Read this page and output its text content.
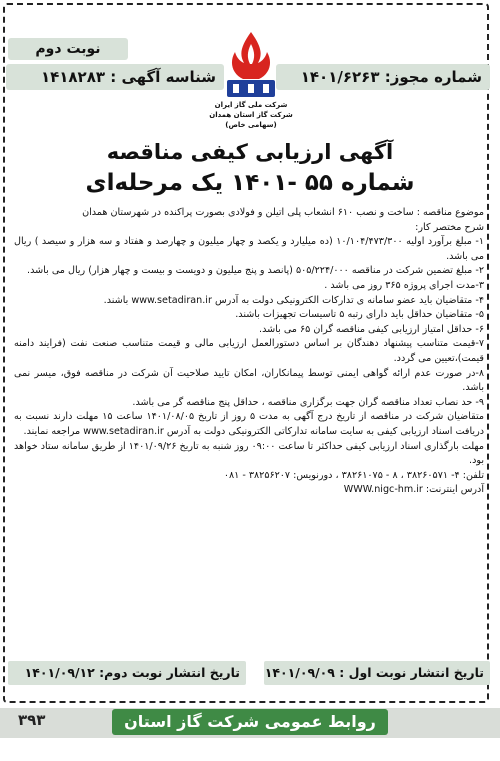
نوبت دوم
شناسه آگهی : ۱۴۱۸۲۸۳	شماره مجوز: ۱۴۰۱/۶۲۶۳
شرکت ملی گاز ایران
شرکت گاز استان همدان (سهامی خاص)
آگهی ارزیابی کیفی مناقصه
شماره ۵۵ -۱۴۰۱ یک مرحله‌ای

موضوع مناقصه : ساخت و نصب ۶۱۰ انشعاب پلی اتیلن و فولادی بصورت پراکنده در شهرستان همدان

شرح مختصر کار:

۱- مبلغ برآورد اولیه ۱۰/۱۰۴/۴۷۳/۳۰۰ (ده میلیارد و یکصد و چهار میلیون و چهارصد و هفتاد و سه هزار و سیصد ) ریال می باشد.

۲- مبلغ تضمین شرکت در مناقصه ۵۰۵/۲۲۴/۰۰۰ (پانصد و پنج میلیون و دویست و بیست و چهار هزار) ریال می باشد.

۳-مدت اجرای پروژه ۳۶۵ روز می باشد .

۴- متقاضیان باید عضو سامانه ی تدارکات الکترونیکی دولت به آدرس www.setadiran.ir باشند.

۵- متقاضیان حداقل باید دارای رتبه ۵ تاسیسات تجهیزات باشند.

۶- حداقل امتیاز ارزیابی کیفی مناقصه گران ۶۵ می باشد.

۷-قیمت متناسب پیشنهاد دهندگان بر اساس دستورالعمل ارزیابی مالی و قیمت متناسب صنعت نفت (فرایند دامنه قیمت)،تعیین می گردد.

۸-در صورت عدم ارائه گواهی ایمنی توسط پیمانکاران، امکان تایید صلاحیت آن شرکت در مناقصه فوق، میسر نمی باشد.

۹- حد نصاب تعداد مناقصه گران جهت برگزاری مناقصه ، حداقل پنج مناقصه گر می باشد.

متقاضیان شرکت در مناقصه از تاریخ درج آگهی به مدت ۵ روز از تاریخ ۱۴۰۱/۰۸/۰۵ ساعت ۱۵ مهلت دارند نسبت به دریافت اسناد ارزیابی کیفی به سایت سامانه تدارکاتی الکترونیکی دولت به آدرس www.setadiran.ir مراجعه نمایند.

مهلت بارگذاری اسناد ارزیابی کیفی حداکثر تا ساعت ۰۹:۰۰ روز شنبه به تاریخ ۱۴۰۱/۰۹/۲۶ از طریق سامانه ستاد خواهد بود.

تلفن: ۴- ۳۸۲۶۰۵۷۱ ، ۸ - ۳۸۲۶۱۰۷۵ ، دورنویس: ۳۸۲۵۶۲۰۷ - ۰۸۱

آدرس اینترنت: WWW.nigc-hm.ir

تاریخ انتشار نوبت اول : ۱۴۰۱/۰۹/۰۹
تاریخ انتشار نوبت دوم: ۱۴۰۱/۰۹/۱۲
روابط عمومی شرکت گاز استان همدان
۳۹۳
